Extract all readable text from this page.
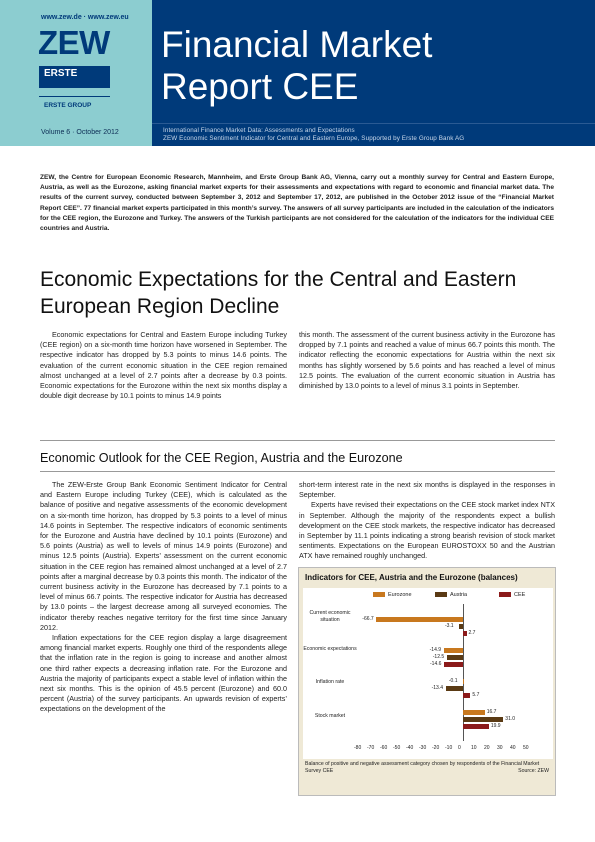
www.zew.de · www.zew.eu
ZEW
ERSTE
ERSTE GROUP
Volume 6 · October 2012
Financial Market
Report CEE
International Finance Market Data: Assessments and Expectations
ZEW Economic Sentiment Indicator for Central and Eastern Europe, Supported by Erste Group Bank AG
ZEW, the Centre for European Economic Research, Mannheim, and Erste Group Bank AG, Vienna, carry out a monthly survey for Central and Eastern Europe, Austria, as well as the Eurozone, asking financial market experts for their assessments and expectations with regard to economic and financial market data. The results of the current survey, conducted between September 3, 2012 and September 17, 2012, are published in the October 2012 issue of the “Financial Market Report CEE”. 77 financial market experts participated in this month’s survey. The answers of all survey participants are included in the calculation of the indicators for the CEE region, the Eurozone and Turkey. The answers of the Turkish participants are not considered for the calculation of the indicators for the individual CEE countries and Austria.
Economic Expectations for the Central and Eastern European Region Decline

Economic expectations for Central and Eastern Europe including Turkey (CEE region) on a six-month time horizon have worsened in September. The respective indicator has dropped by 5.3 points to minus 14.6 points. The evaluation of the current economic situation in the CEE region remained almost unchanged at a level of 2.7 points after a decrease by 0.3 points. Economic expectations for the Eurozone within the next six months display a double digit decrease by 10.1 points to minus 14.9 points

this month. The assessment of the current business activity in the Eurozone has dropped by 7.1 points and reached a value of minus 66.7 points this month. The indicator reflecting the economic expectations for Austria within the next six months has slightly worsened by 5.6 points and has reached a level of minus 12.5 points. The evaluation of the current economic situation in Austria has diminished by 13.0 points to a level of minus 3.1 points in September.

Economic Outlook for the CEE Region, Austria and the Eurozone

The ZEW-Erste Group Bank Economic Sentiment Indicator for Central and Eastern Europe including Turkey (CEE), which is calculated as the balance of positive and negative assessments of the economic development on a six-month time horizon, has dropped by 5.3 points to a level of minus 14.6 points in September. The respective indicators of economic sentiments for the Eurozone and Austria have declined by 10.1 points (Eurozone) and 5.6 points (Austria) as well to levels of minus 14.9 points (Eurozone) and minus 12.5 points (Austria). Experts’ assessment on the current economic situation in the CEE region has remained almost unchanged at a level of 2.7 points after a marginal decrease by 0.3 points this month. The indicator of the current business activity in the Eurozone has decreased by 7.1 points to a level of minus 66.7 points. The respective indicator for Austria has decreased by 13.0 points – the largest decrease among all surveyed economies. The indicator thereby reaches negative territory for the first time since January 2012.

Inflation expectations for the CEE region display a large disagreement among financial market experts. Roughly one third of the respondents allege that the inflation rate in the region is going to increase and another almost one third rather expects a decreasing inflation rate. For the Eurozone and Austria the majority of participants expect a stable level of inflation within the next six months. This is the opinion of 45.5 percent (Eurozone) and 60.0 percent (Austria) of the survey participants. An upwards revision of experts’ expectations on the development of the

short-term interest rate in the next six months is displayed in the responses in September.

Experts have revised their expectations on the CEE stock market index NTX in September. Although the majority of the respondents expect a bullish development on the CEE stock markets, the respective indicator has decreased in September by 11.1 points indicating a strong bearish revision of stock market sentiments. Expectations on the European EUROSTOXX 50 and the Austrian ATX have remained roughly unchanged.

Indicators for CEE, Austria and the Eurozone (balances)
Eurozone	Austria	CEE
Current economic situation	-66.7
-3.1
2.7
Economic expectations	-14.9
-12.5
-14.6
Inflation rate	-0.1
-13.4
5.7
Stock market
16.7
31.0
19.9
-80 -70 -60 -50 -40 -30 -20 -10 0 10 20 30 40 50
Balance of positive and negative assessment category chosen by respondents of the Financial Market Survey CEE	Source: ZEW
